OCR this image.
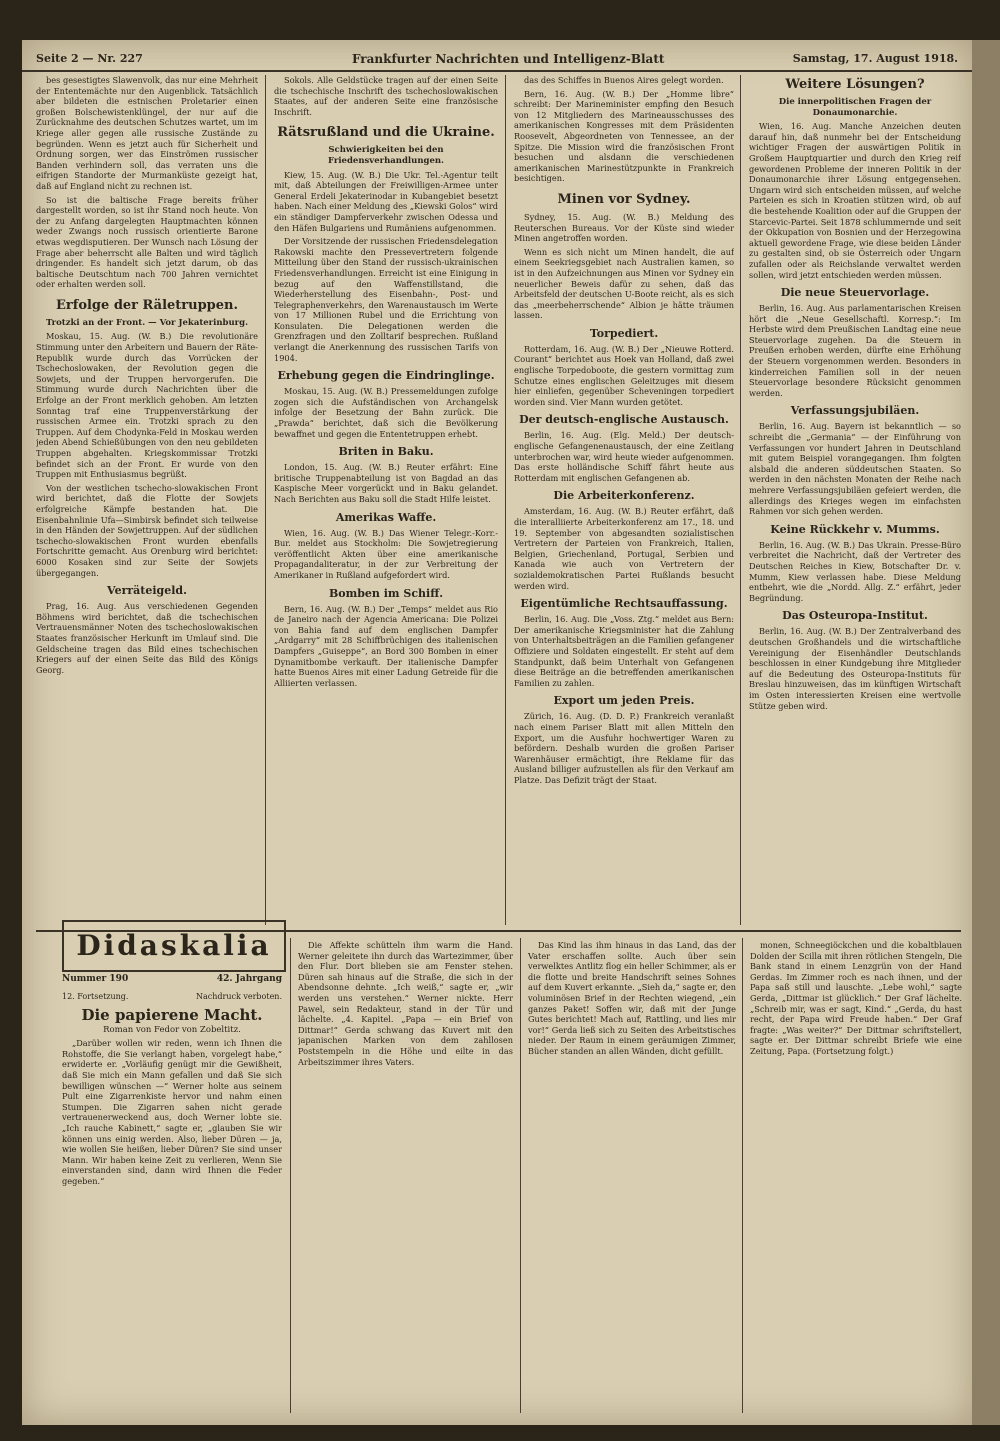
Seite 2 — Nr. 227	Frankfurter Nachrichten und Intelligenz-Blatt	Samstag, 17. August 1918.

bes gesestigtes Slawenvolk, das nur eine Mehrheit der Ententemächte nur den Augenblick. Tatsächlich aber bildeten die estnischen Proletarier einen großen Bolschewistenklüngel, der nur auf die Zurücknahme des deutschen Schutzes wartet, um im Kriege aller gegen alle russische Zustände zu begründen. Wenn es jetzt auch für Sicherheit und Ordnung sorgen, wer das Einströmen russischer Banden verhindern soll, das verraten uns die eifrigen Standorte der Murmanküste gezeigt hat, daß auf England nicht zu rechnen ist.

So ist die baltische Frage bereits früher dargestellt worden, so ist ihr Stand noch heute. Von der zu Anfang dargelegten Hauptmachten können weder Zwangs noch russisch orientierte Barone etwas wegdisputieren. Der Wunsch nach Lösung der Frage aber beherrscht alle Balten und wird täglich dringender. Es handelt sich jetzt darum, ob das baltische Deutschtum nach 700 Jahren vernichtet oder erhalten werden soll.

Erfolge der Räletruppen.
Trotzki an der Front. — Vor Jekaterinburg.

Moskau, 15. Aug. (W. B.) Die revolutionäre Stimmung unter den Arbeitern und Bauern der Räte-Republik wurde durch das Vorrücken der Tschechoslowaken, der Revolution gegen die Sowjets, und der Truppen hervorgerufen. Die Stimmung wurde durch Nachrichten über die Erfolge an der Front merklich gehoben. Am letzten Sonntag traf eine Truppenverstärkung der russischen Armee ein. Trotzki sprach zu den Truppen. Auf dem Chodynka-Feld in Moskau werden jeden Abend Schießübungen von den neu gebildeten Truppen abgehalten. Kriegskommissar Trotzki befindet sich an der Front. Er wurde von den Truppen mit Enthusiasmus begrüßt.

Von der westlichen tschecho-slowakischen Front wird berichtet, daß die Flotte der Sowjets erfolgreiche Kämpfe bestanden hat. Die Eisenbahnlinie Ufa—Simbirsk befindet sich teilweise in den Händen der Sowjettruppen. Auf der südlichen tschecho-slowakischen Front wurden ebenfalls Fortschritte gemacht. Aus Orenburg wird berichtet: 6000 Kosaken sind zur Seite der Sowjets übergegangen.

Verräteigeld.

Prag, 16. Aug. Aus verschiedenen Gegenden Böhmens wird berichtet, daß die tschechischen Vertrauensmänner Noten des tschechoslowakischen Staates französischer Herkunft im Umlauf sind. Die Geldscheine tragen das Bild eines tschechischen Kriegers auf der einen Seite das Bild des Königs Georg.

Sokols. Alle Geldstücke tragen auf der einen Seite die tschechische Inschrift des tschechoslowakischen Staates, auf der anderen Seite eine französische Inschrift.

Rätsrußland und die Ukraine.
Schwierigkeiten bei den Friedensverhandlungen.

Kiew, 15. Aug. (W. B.) Die Ukr. Tel.-Agentur teilt mit, daß Abteilungen der Freiwilligen-Armee unter General Erdeli Jekaterinodar in Kubangebiet besetzt haben. Nach einer Meldung des „Kiewski Golos“ wird ein ständiger Dampferverkehr zwischen Odessa und den Häfen Bulgariens und Rumäniens aufgenommen.

Der Vorsitzende der russischen Friedensdelegation Rakowski machte den Pressevertretern folgende Mitteilung über den Stand der russisch-ukrainischen Friedensverhandlungen. Erreicht ist eine Einigung in bezug auf den Waffenstillstand, die Wiederherstellung des Eisenbahn-, Post- und Telegraphenverkehrs, den Warenaustausch im Werte von 17 Millionen Rubel und die Errichtung von Konsulaten. Die Delegationen werden die Grenzfragen und den Zolltarif besprechen. Rußland verlangt die Anerkennung des russischen Tarifs von 1904.

Erhebung gegen die Eindringlinge.

Moskau, 15. Aug. (W. B.) Pressemeldungen zufolge zogen sich die Aufständischen von Archangelsk infolge der Besetzung der Bahn zurück. Die „Prawda“ berichtet, daß sich die Bevölkerung bewaffnet und gegen die Ententetruppen erhebt.

Briten in Baku.

London, 15. Aug. (W. B.) Reuter erfährt: Eine britische Truppenabteilung ist von Bagdad an das Kaspische Meer vorgerückt und in Baku gelandet. Nach Berichten aus Baku soll die Stadt Hilfe leistet.

Amerikas Waffe.

Wien, 16. Aug. (W. B.) Das Wiener Telegr.-Korr.-Bur. meldet aus Stockholm: Die Sowjetregierung veröffentlicht Akten über eine amerikanische Propagandaliteratur, in der zur Verbreitung der Amerikaner in Rußland aufgefordert wird.

Bomben im Schiff.

Bern, 16. Aug. (W. B.) Der „Temps“ meldet aus Rio de Janeiro nach der Agencia Americana: Die Polizei von Bahia fand auf dem englischen Dampfer „Ardgarry“ mit 28 Schiffbrüchigen des italienischen Dampfers „Guiseppe“, an Bord 300 Bomben in einer Dynamitbombe verkauft. Der italienische Dampfer hatte Buenos Aires mit einer Ladung Getreide für die Alliierten verlassen.

das des Schiffes in Buenos Aires gelegt worden.

Bern, 16. Aug. (W. B.) Der „Homme libre“ schreibt: Der Marineminister empfing den Besuch von 12 Mitgliedern des Marineausschusses des amerikanischen Kongresses mit dem Präsidenten Roosevelt, Abgeordneten von Tennessee, an der Spitze. Die Mission wird die französischen Front besuchen und alsdann die verschiedenen amerikanischen Marinestützpunkte in Frankreich besichtigen.

Minen vor Sydney.

Sydney, 15. Aug. (W. B.) Meldung des Reuterschen Bureaus. Vor der Küste sind wieder Minen angetroffen worden.

Wenn es sich nicht um Minen handelt, die auf einem Seekriegsgebiet nach Australien kamen, so ist in den Aufzeichnungen aus Minen vor Sydney ein neuerlicher Beweis dafür zu sehen, daß das Arbeitsfeld der deutschen U-Boote reicht, als es sich das „meerbeherrschende“ Albion je hätte träumen lassen.

Torpediert.

Rotterdam, 16. Aug. (W. B.) Der „Nieuwe Rotterd. Courant“ berichtet aus Hoek van Holland, daß zwei englische Torpedoboote, die gestern vormittag zum Schutze eines englischen Geleitzuges mit diesem hier einliefen, gegenüber Scheveningen torpediert worden sind. Vier Mann wurden getötet.

Der deutsch-englische Austausch.

Berlin, 16. Aug. (Elg. Meld.) Der deutsch-englische Gefangenenaustausch, der eine Zeitlang unterbrochen war, wird heute wieder aufgenommen. Das erste holländische Schiff fährt heute aus Rotterdam mit englischen Gefangenen ab.

Die Arbeiterkonferenz.

Amsterdam, 16. Aug. (W. B.) Reuter erfährt, daß die interalliierte Arbeiterkonferenz am 17., 18. und 19. September von abgesandten sozialistischen Vertretern der Parteien von Frankreich, Italien, Belgien, Griechenland, Portugal, Serbien und Kanada wie auch von Vertretern der sozialdemokratischen Partei Rußlands besucht werden wird.

Eigentümliche Rechtsauffassung.

Berlin, 16. Aug. Die „Voss. Ztg.“ meldet aus Bern: Der amerikanische Kriegsminister hat die Zahlung von Unterhaltsbeiträgen an die Familien gefangener Offiziere und Soldaten eingestellt. Er steht auf dem Standpunkt, daß beim Unterhalt von Gefangenen diese Beiträge an die betreffenden amerikanischen Familien zu zahlen.

Export um jeden Preis.

Zürich, 16. Aug. (D. D. P.) Frankreich veranlaßt nach einem Pariser Blatt mit allen Mitteln den Export, um die Ausfuhr hochwertiger Waren zu befördern. Deshalb wurden die großen Pariser Warenhäuser ermächtigt, ihre Reklame für das Ausland billiger aufzustellen als für den Verkauf am Platze. Das Defizit trägt der Staat.

Weitere Lösungen?
Die innerpolitischen Fragen der Donaumonarchie.

Wien, 16. Aug. Manche Anzeichen deuten darauf hin, daß nunmehr bei der Entscheidung wichtiger Fragen der auswärtigen Politik in Großem Hauptquartier und durch den Krieg reif gewordenen Probleme der inneren Politik in der Donaumonarchie ihrer Lösung entgegensehen. Ungarn wird sich entscheiden müssen, auf welche Parteien es sich in Kroatien stützen wird, ob auf die bestehende Koalition oder auf die Gruppen der Starcevic-Partei. Seit 1878 schlummernde und seit der Okkupation von Bosnien und der Herzegowina aktuell gewordene Frage, wie diese beiden Länder zu gestalten sind, ob sie Österreich oder Ungarn zufallen oder als Reichslande verwaltet werden sollen, wird jetzt entschieden werden müssen.

Die neue Steuervorlage.

Berlin, 16. Aug. Aus parlamentarischen Kreisen hört die „Neue Gesellschaftl. Korresp.“: Im Herbste wird dem Preußischen Landtag eine neue Steuervorlage zugehen. Da die Steuern in Preußen erhoben werden, dürfte eine Erhöhung der Steuern vorgenommen werden. Besonders in kinderreichen Familien soll in der neuen Steuervorlage besondere Rücksicht genommen werden.

Verfassungsjubiläen.

Berlin, 16. Aug. Bayern ist bekanntlich — so schreibt die „Germania“ — der Einführung von Verfassungen vor hundert Jahren in Deutschland mit gutem Beispiel vorangegangen. Ihm folgten alsbald die anderen süddeutschen Staaten. So werden in den nächsten Monaten der Reihe nach mehrere Verfassungsjubiläen gefeiert werden, die allerdings des Krieges wegen im einfachsten Rahmen vor sich gehen werden.

Keine Rückkehr v. Mumms.

Berlin, 16. Aug. (W. B.) Das Ukrain. Presse-Büro verbreitet die Nachricht, daß der Vertreter des Deutschen Reiches in Kiew, Botschafter Dr. v. Mumm, Kiew verlassen habe. Diese Meldung entbehrt, wie die „Nordd. Allg. Z.“ erfährt, jeder Begründung.

Das Osteuropa-Institut.

Berlin, 16. Aug. (W. B.) Der Zentralverband des deutschen Großhandels und die wirtschaftliche Vereinigung der Eisenhändler Deutschlands beschlossen in einer Kundgebung ihre Mitglieder auf die Bedeutung des Osteuropa-Instituts für Breslau hinzuweisen, das im künftigen Wirtschaft im Osten interessierten Kreisen eine wertvolle Stütze geben wird.

Didaskalia
Nummer 190	42. Jahrgang
12. Fortsetzung.	Nachdruck verboten.
Die papierene Macht.
Roman von Fedor von Zobeltitz.

„Darüber wollen wir reden, wenn ich Ihnen die Rohstoffe, die Sie verlangt haben, vorgelegt habe,“ erwiderte er. „Vorläufig genügt mir die Gewißheit, daß Sie mich ein Mann gefallen und daß Sie sich bewilligen wünschen —“ Werner holte aus seinem Pult eine Zigarrenkiste hervor und nahm einen Stumpen. Die Zigarren sahen nicht gerade vertrauenerweckend aus, doch Werner lobte sie. „Ich rauche Kabinett,“ sagte er, „glauben Sie wir können uns einig werden. Also, lieber Düren — ja, wie wollen Sie heißen, lieber Düren? Sie sind unser Mann. Wir haben keine Zeit zu verlieren, Wenn Sie einverstanden sind, dann wird Ihnen die Feder gegeben.“

Die Affekte schütteln ihm warm die Hand. Werner geleitete ihn durch das Wartezimmer, über den Flur. Dort blieben sie am Fenster stehen. Düren sah hinaus auf die Straße, die sich in der Abendsonne dehnte. „Ich weiß,“ sagte er, „wir werden uns verstehen.“ Werner nickte. Herr Pawel, sein Redakteur, stand in der Tür und lächelte. „4. Kapitel. „Papa — ein Brief von Dittmar!“ Gerda schwang das Kuvert mit den japanischen Marken von dem zahllosen Poststempeln in die Höhe und eilte in das Arbeitszimmer ihres Vaters.

Das Kind las ihm hinaus in das Land, das der Vater erschaffen sollte. Auch über sein verwelktes Antlitz flog ein heller Schimmer, als er die flotte und breite Handschrift seines Sohnes auf dem Kuvert erkannte. „Sieh da,“ sagte er, den voluminösen Brief in der Rechten wiegend, „ein ganzes Paket! Soffen wir, daß mit der Junge Gutes berichtet! Mach auf, Rattling, und lies mir vor!“ Gerda ließ sich zu Seiten des Arbeitstisches nieder. Der Raum in einem geräumigen Zimmer, Bücher standen an allen Wänden, dicht gefüllt.

monen, Schneegiöckchen und die kobaltblauen Dolden der Scilla mit ihren rötlichen Stengeln, Die Bank stand in einem Lenzgrün von der Hand Gerdas. Im Zimmer roch es nach ihnen, und der Papa saß still und lauschte. „Lebe wohl,“ sagte Gerda, „Dittmar ist glücklich.“ Der Graf lächelte. „Schreib mir, was er sagt, Kind.“ „Gerda, du hast recht, der Papa wird Freude haben.“ Der Graf fragte: „Was weiter?“ Der Dittmar schriftstellert, sagte er. Der Dittmar schreibt Briefe wie eine Zeitung, Papa. (Fortsetzung folgt.)
